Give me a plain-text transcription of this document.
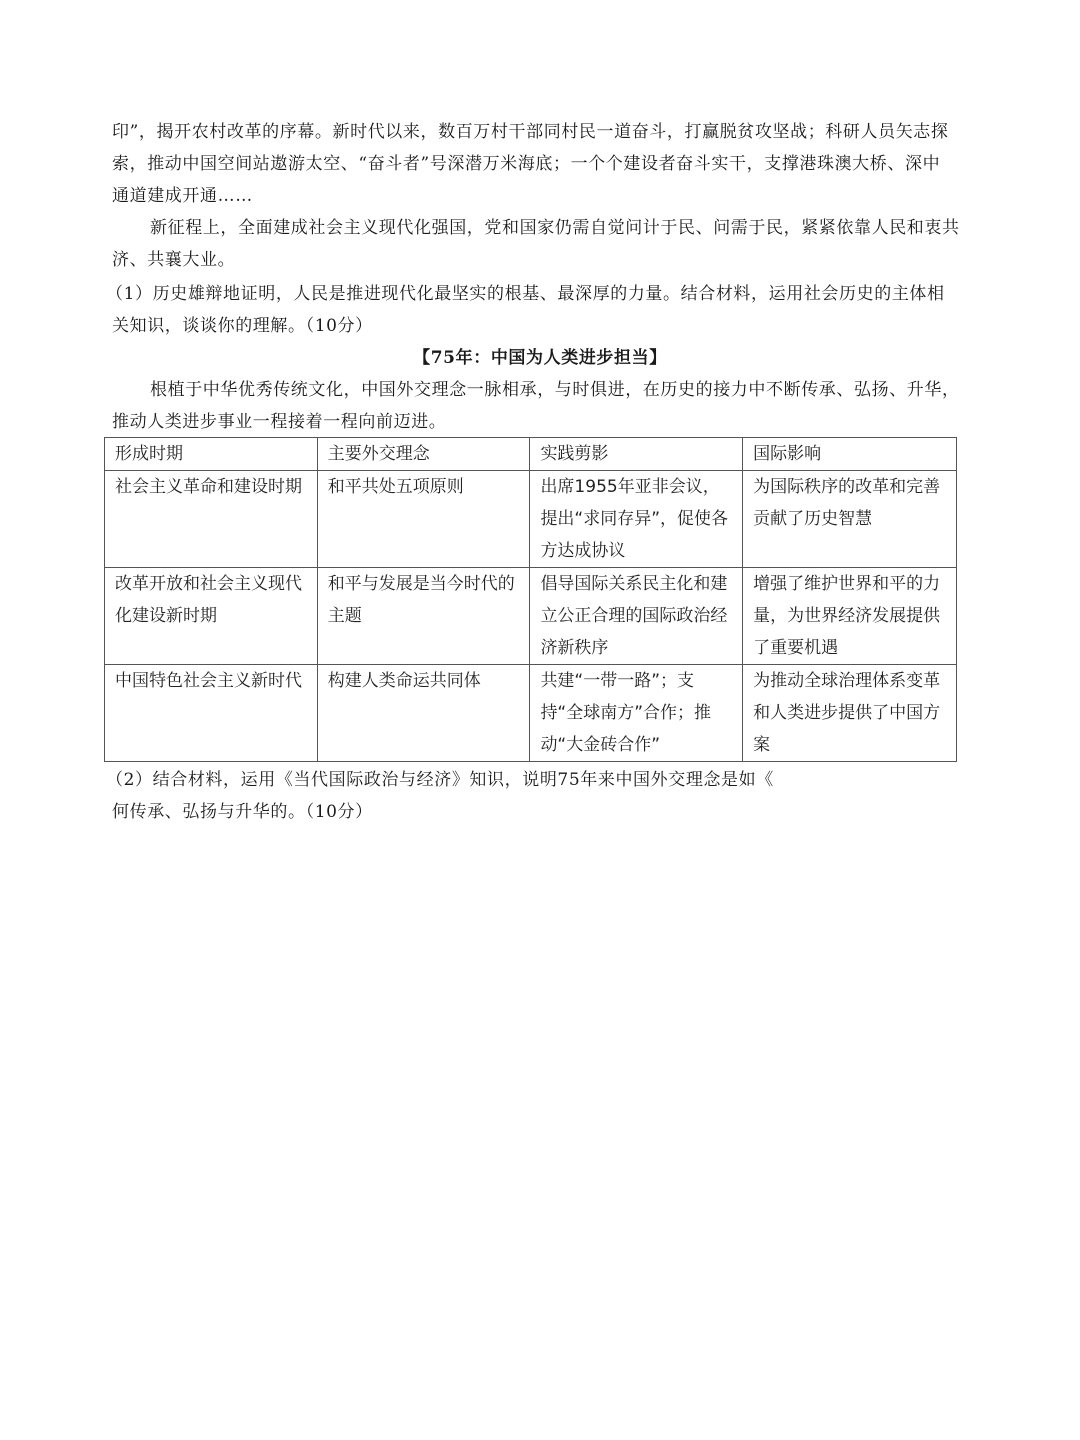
印”，揭开农村改革的序幕。新时代以来，数百万村干部同村民一道奋斗，打赢脱贫攻坚战；科研人员矢志探
索，推动中国空间站遨游太空、“奋斗者”号深潜万米海底；一个个建设者奋斗实干，支撑港珠澳大桥、深中
通道建成开通……
新征程上，全面建成社会主义现代化强国，党和国家仍需自觉问计于民、问需于民，紧紧依靠人民和衷共
济、共襄大业。
（1）历史雄辩地证明，人民是推进现代化最坚实的根基、最深厚的力量。结合材料，运用社会历史的主体相
关知识，谈谈你的理解。（10分）
【75年：中国为人类进步担当】
根植于中华优秀传统文化，中国外交理念一脉相承，与时俱进，在历史的接力中不断传承、弘扬、升华，
推动人类进步事业一程接着一程向前迈进。
形成时期	主要外交理念	实践剪影	国际影响

社会主义革命和建设时期	和平共处五项原则	出席1955年亚非会议，提出“求同存异”，促使各方达成协议	为国际秩序的改革和完善贡献了历史智慧

改革开放和社会主义现代化建设新时期	和平与发展是当今时代的主题	倡导国际关系民主化和建立公正合理的国际政治经济新秩序	增强了维护世界和平的力量，为世界经济发展提供了重要机遇

中国特色社会主义新时代	构建人类命运共同体	共建“一带一路”；支持“全球南方”合作；推动“大金砖合作”	为推动全球治理体系变革和人类进步提供了中国方案
（2）结合材料，运用《当代国际政治与经济》知识，说明75年来中国外交理念是如《
何传承、弘扬与升华的。（10分）
